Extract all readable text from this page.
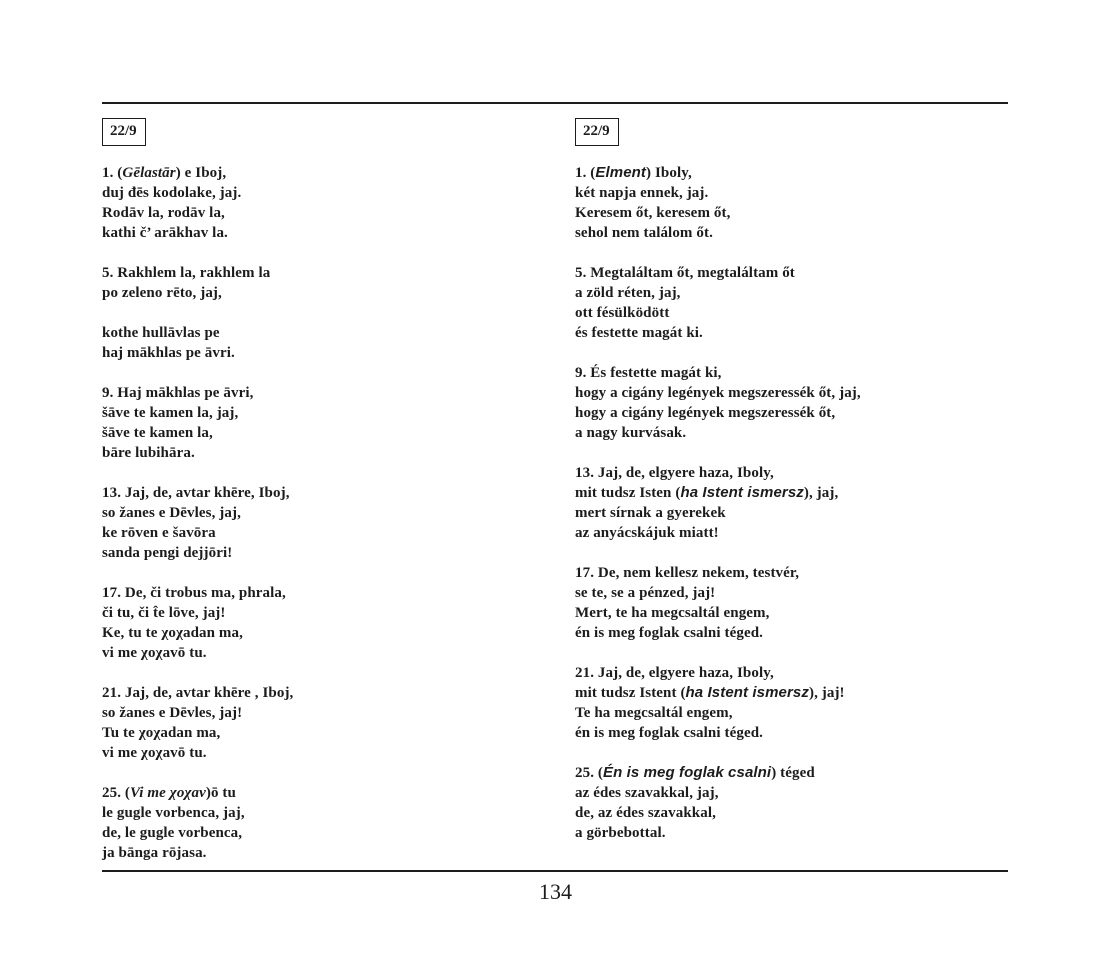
22/9
1. (Gēlastār) e Iboj,
duj đēs kodolake, jaj.
Rodāv la, rodāv la,
kathi č’ arākhav la.
5. Rakhlem la, rakhlem la
po zeleno rēto, jaj,
kothe hullāvlas pe
haj mākhlas pe āvri.
9. Haj mākhlas pe āvri,
šāve te kamen la, jaj,
šāve te kamen la,
bāre lubihāra.
13. Jaj, de, avtar khēre, Iboj,
so žanes e Dēvles, jaj,
ke rōven e šavōra
sanda pengi dejjōri!
17. De, či trobus ma, phrala,
či tu, či t̂e lōve, jaj!
Ke, tu te χoχadan ma,
vi me χoχavō tu.
21. Jaj, de, avtar khēre , Iboj,
so žanes e Dēvles, jaj!
Tu te χoχadan ma,
vi me χoχavō tu.
25. (Vi me χoχav)ō tu
le gugle vorbenca, jaj,
de, le gugle vorbenca,
ja bānga rōjasa.
22/9
1. (Elment) Iboly,
két napja ennek, jaj.
Keresem őt, keresem őt,
sehol nem találom őt.
5. Megtaláltam őt, megtaláltam őt
a zöld réten, jaj,
ott fésülködött
és festette magát ki.
9. És festette magát ki,
hogy a cigány legények megszeressék őt, jaj,
hogy a cigány legények megszeressék őt,
a nagy kurvásak.
13. Jaj, de, elgyere haza, Iboly,
mit tudsz Isten (ha Istent ismersz), jaj,
mert sírnak a gyerekek
az anyácskájuk miatt!
17. De, nem kellesz nekem, testvér,
se te, se a pénzed, jaj!
Mert, te ha megcsaltál engem,
én is meg foglak csalni téged.
21. Jaj, de, elgyere haza, Iboly,
mit tudsz Istent (ha Istent ismersz), jaj!
Te ha megcsaltál engem,
én is meg foglak csalni téged.
25. (Én is meg foglak csalni) téged
az édes szavakkal, jaj,
de, az édes szavakkal,
a görbebottal.
134
